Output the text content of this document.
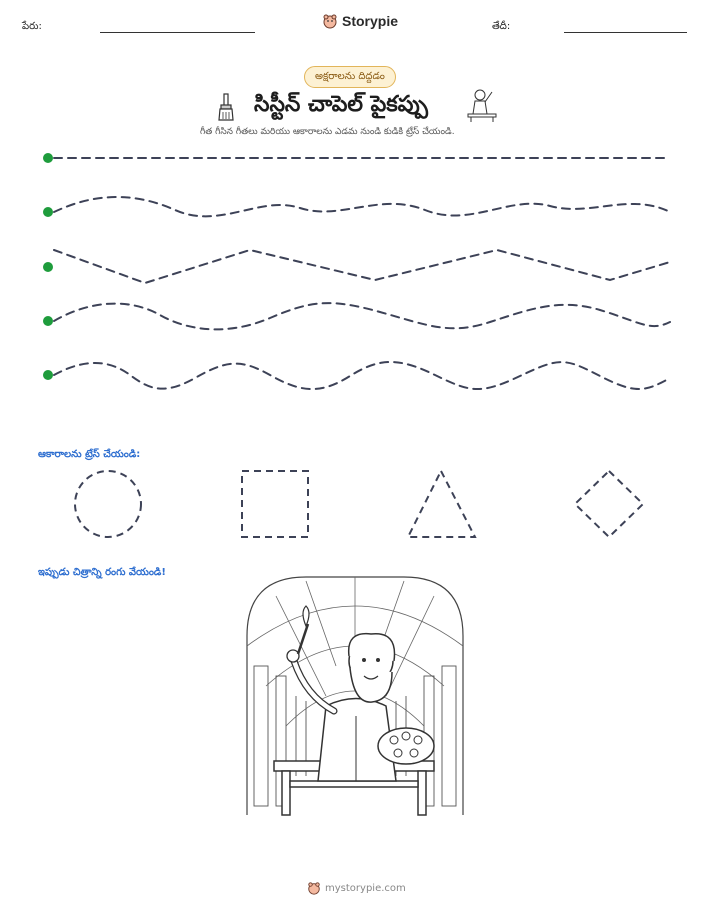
పేరు:	Storypie	తేదీ:
అక్షరాలను దిద్దడం
సిస్టీన్ చాపెల్ పైకప్పు
గీత గీసిన గీతలు మరియు ఆకారాలను ఎడమ నుండి కుడికి ట్రేస్ చేయండి.
ఆకారాలను ట్రేస్ చేయండి:
ఇప్పుడు చిత్రాన్ని రంగు వేయండి!
mystorypie.com
